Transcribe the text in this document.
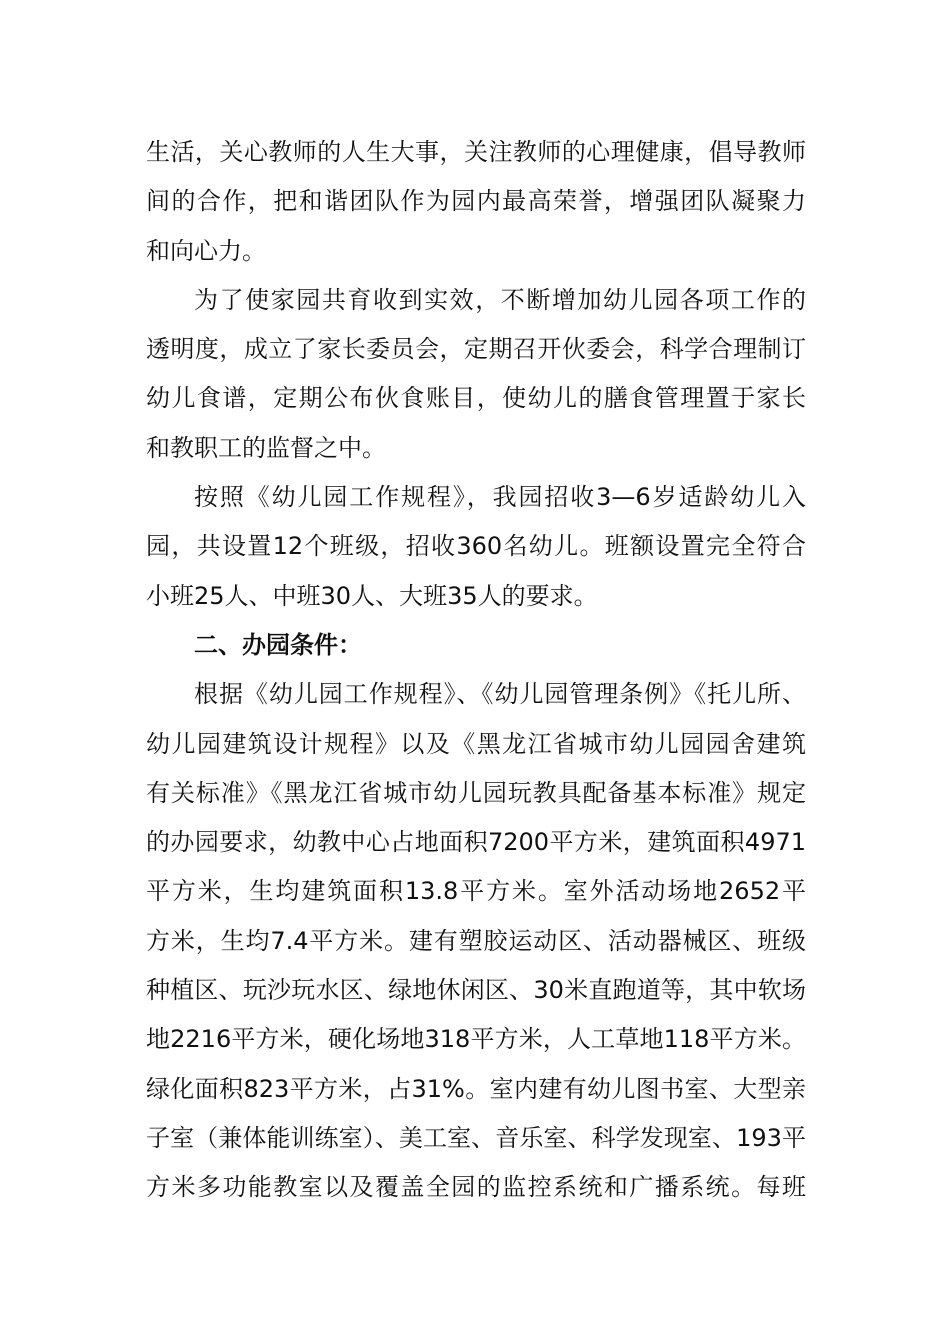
生活，关心教师的人生大事，关注教师的心理健康，倡导教师
间的合作，把和谐团队作为园内最高荣誉，增强团队凝聚力
和向心力。
为了使家园共育收到实效，不断增加幼儿园各项工作的
透明度，成立了家长委员会，定期召开伙委会，科学合理制订
幼儿食谱，定期公布伙食账目，使幼儿的膳食管理置于家长
和教职工的监督之中。
按照《幼儿园工作规程》，我园招收3—6岁适龄幼儿入
园，共设置12个班级，招收360名幼儿。班额设置完全符合
小班25人、中班30人、大班35人的要求。
二、办园条件：
根据《幼儿园工作规程》、《幼儿园管理条例》《托儿所、
幼儿园建筑设计规程》以及《黑龙江省城市幼儿园园舍建筑
有关标准》《黑龙江省城市幼儿园玩教具配备基本标准》规定
的办园要求，幼教中心占地面积7200平方米，建筑面积4971
平方米，生均建筑面积13.8平方米。室外活动场地2652平
方米，生均7.4平方米。建有塑胶运动区、活动器械区、班级
种植区、玩沙玩水区、绿地休闲区、30米直跑道等，其中软场
地2216平方米，硬化场地318平方米，人工草地118平方米。
绿化面积823平方米，占31%。室内建有幼儿图书室、大型亲
子室（兼体能训练室）、美工室、音乐室、科学发现室、193平
方米多功能教室以及覆盖全园的监控系统和广播系统。每班
